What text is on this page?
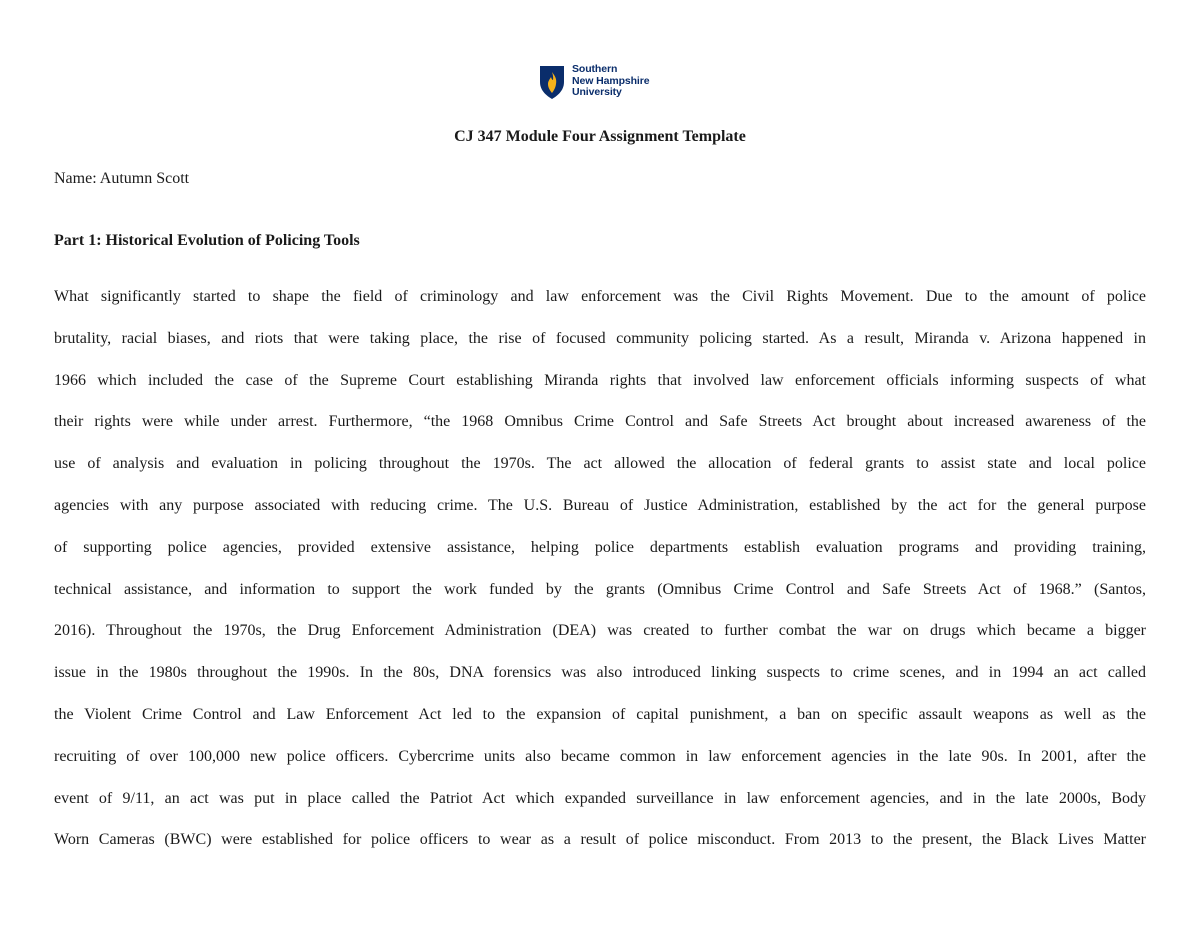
Southern
New Hampshire
University
CJ 347 Module Four Assignment Template

Name: Autumn Scott

Part 1: Historical Evolution of Policing Tools
What significantly started to shape the field of criminology and law enforcement was the Civil Rights Movement. Due to the amount of police
brutality, racial biases, and riots that were taking place, the rise of focused community policing started. As a result, Miranda v. Arizona happened in
1966 which included the case of the Supreme Court establishing Miranda rights that involved law enforcement officials informing suspects of what
their rights were while under arrest. Furthermore, “the 1968 Omnibus Crime Control and Safe Streets Act brought about increased awareness of the
use of analysis and evaluation in policing throughout the 1970s. The act allowed the allocation of federal grants to assist state and local police
agencies with any purpose associated with reducing crime. The U.S. Bureau of Justice Administration, established by the act for the general purpose
of supporting police agencies, provided extensive assistance, helping police departments establish evaluation programs and providing training,
technical assistance, and information to support the work funded by the grants (Omnibus Crime Control and Safe Streets Act of 1968.” (Santos,
2016). Throughout the 1970s, the Drug Enforcement Administration (DEA) was created to further combat the war on drugs which became a bigger
issue in the 1980s throughout the 1990s. In the 80s, DNA forensics was also introduced linking suspects to crime scenes, and in 1994 an act called
the Violent Crime Control and Law Enforcement Act led to the expansion of capital punishment, a ban on specific assault weapons as well as the
recruiting of over 100,000 new police officers. Cybercrime units also became common in law enforcement agencies in the late 90s. In 2001, after the
event of 9/11, an act was put in place called the Patriot Act which expanded surveillance in law enforcement agencies, and in the late 2000s, Body
Worn Cameras (BWC) were established for police officers to wear as a result of police misconduct. From 2013 to the present, the Black Lives Matter
